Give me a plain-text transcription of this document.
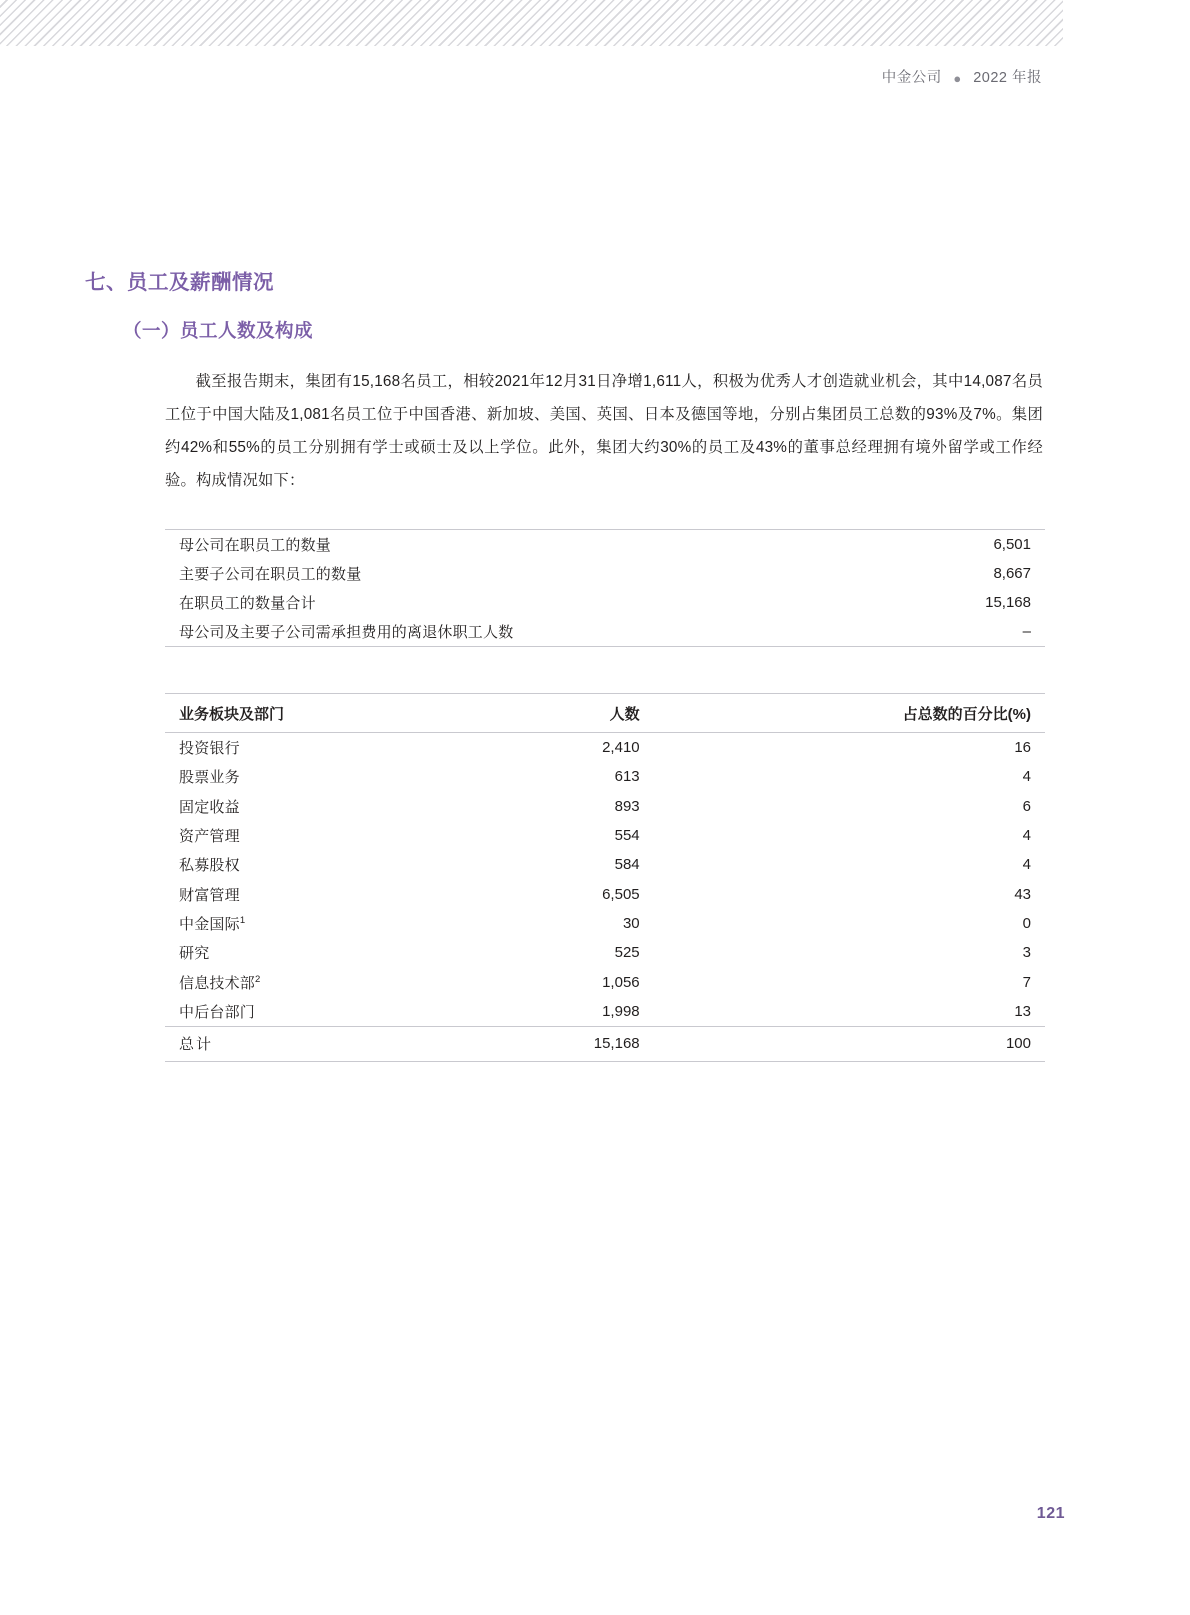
中金公司 ● 2022 年报
七、员工及薪酬情况
（一）员工人数及构成

截至报告期末，集团有15,168名员工，相较2021年12月31日净增1,611人，积极为优秀人才创造就业机会，其中14,087名员工位于中国大陆及1,081名员工位于中国香港、新加坡、美国、英国、日本及德国等地，分别占集团员工总数的93%及7%。集团约42%和55%的员工分别拥有学士或硕士及以上学位。此外，集团大约30%的员工及43%的董事总经理拥有境外留学或工作经验。构成情况如下：

母公司在职员工的数量	6,501
主要子公司在职员工的数量	8,667
在职员工的数量合计	15,168
母公司及主要子公司需承担费用的离退休职工人数	–
业务板块及部门	人数	占总数的百分比(%)
投资银行	2,410	16
股票业务	613	4
固定收益	893	6
资产管理	554	4
私募股权	584	4
财富管理	6,505	43
中金国际$^1$	30	0
研究	525	3
信息技术部$^2$	1,056	7
中后台部门	1,998	13
总计	15,168	100
121
